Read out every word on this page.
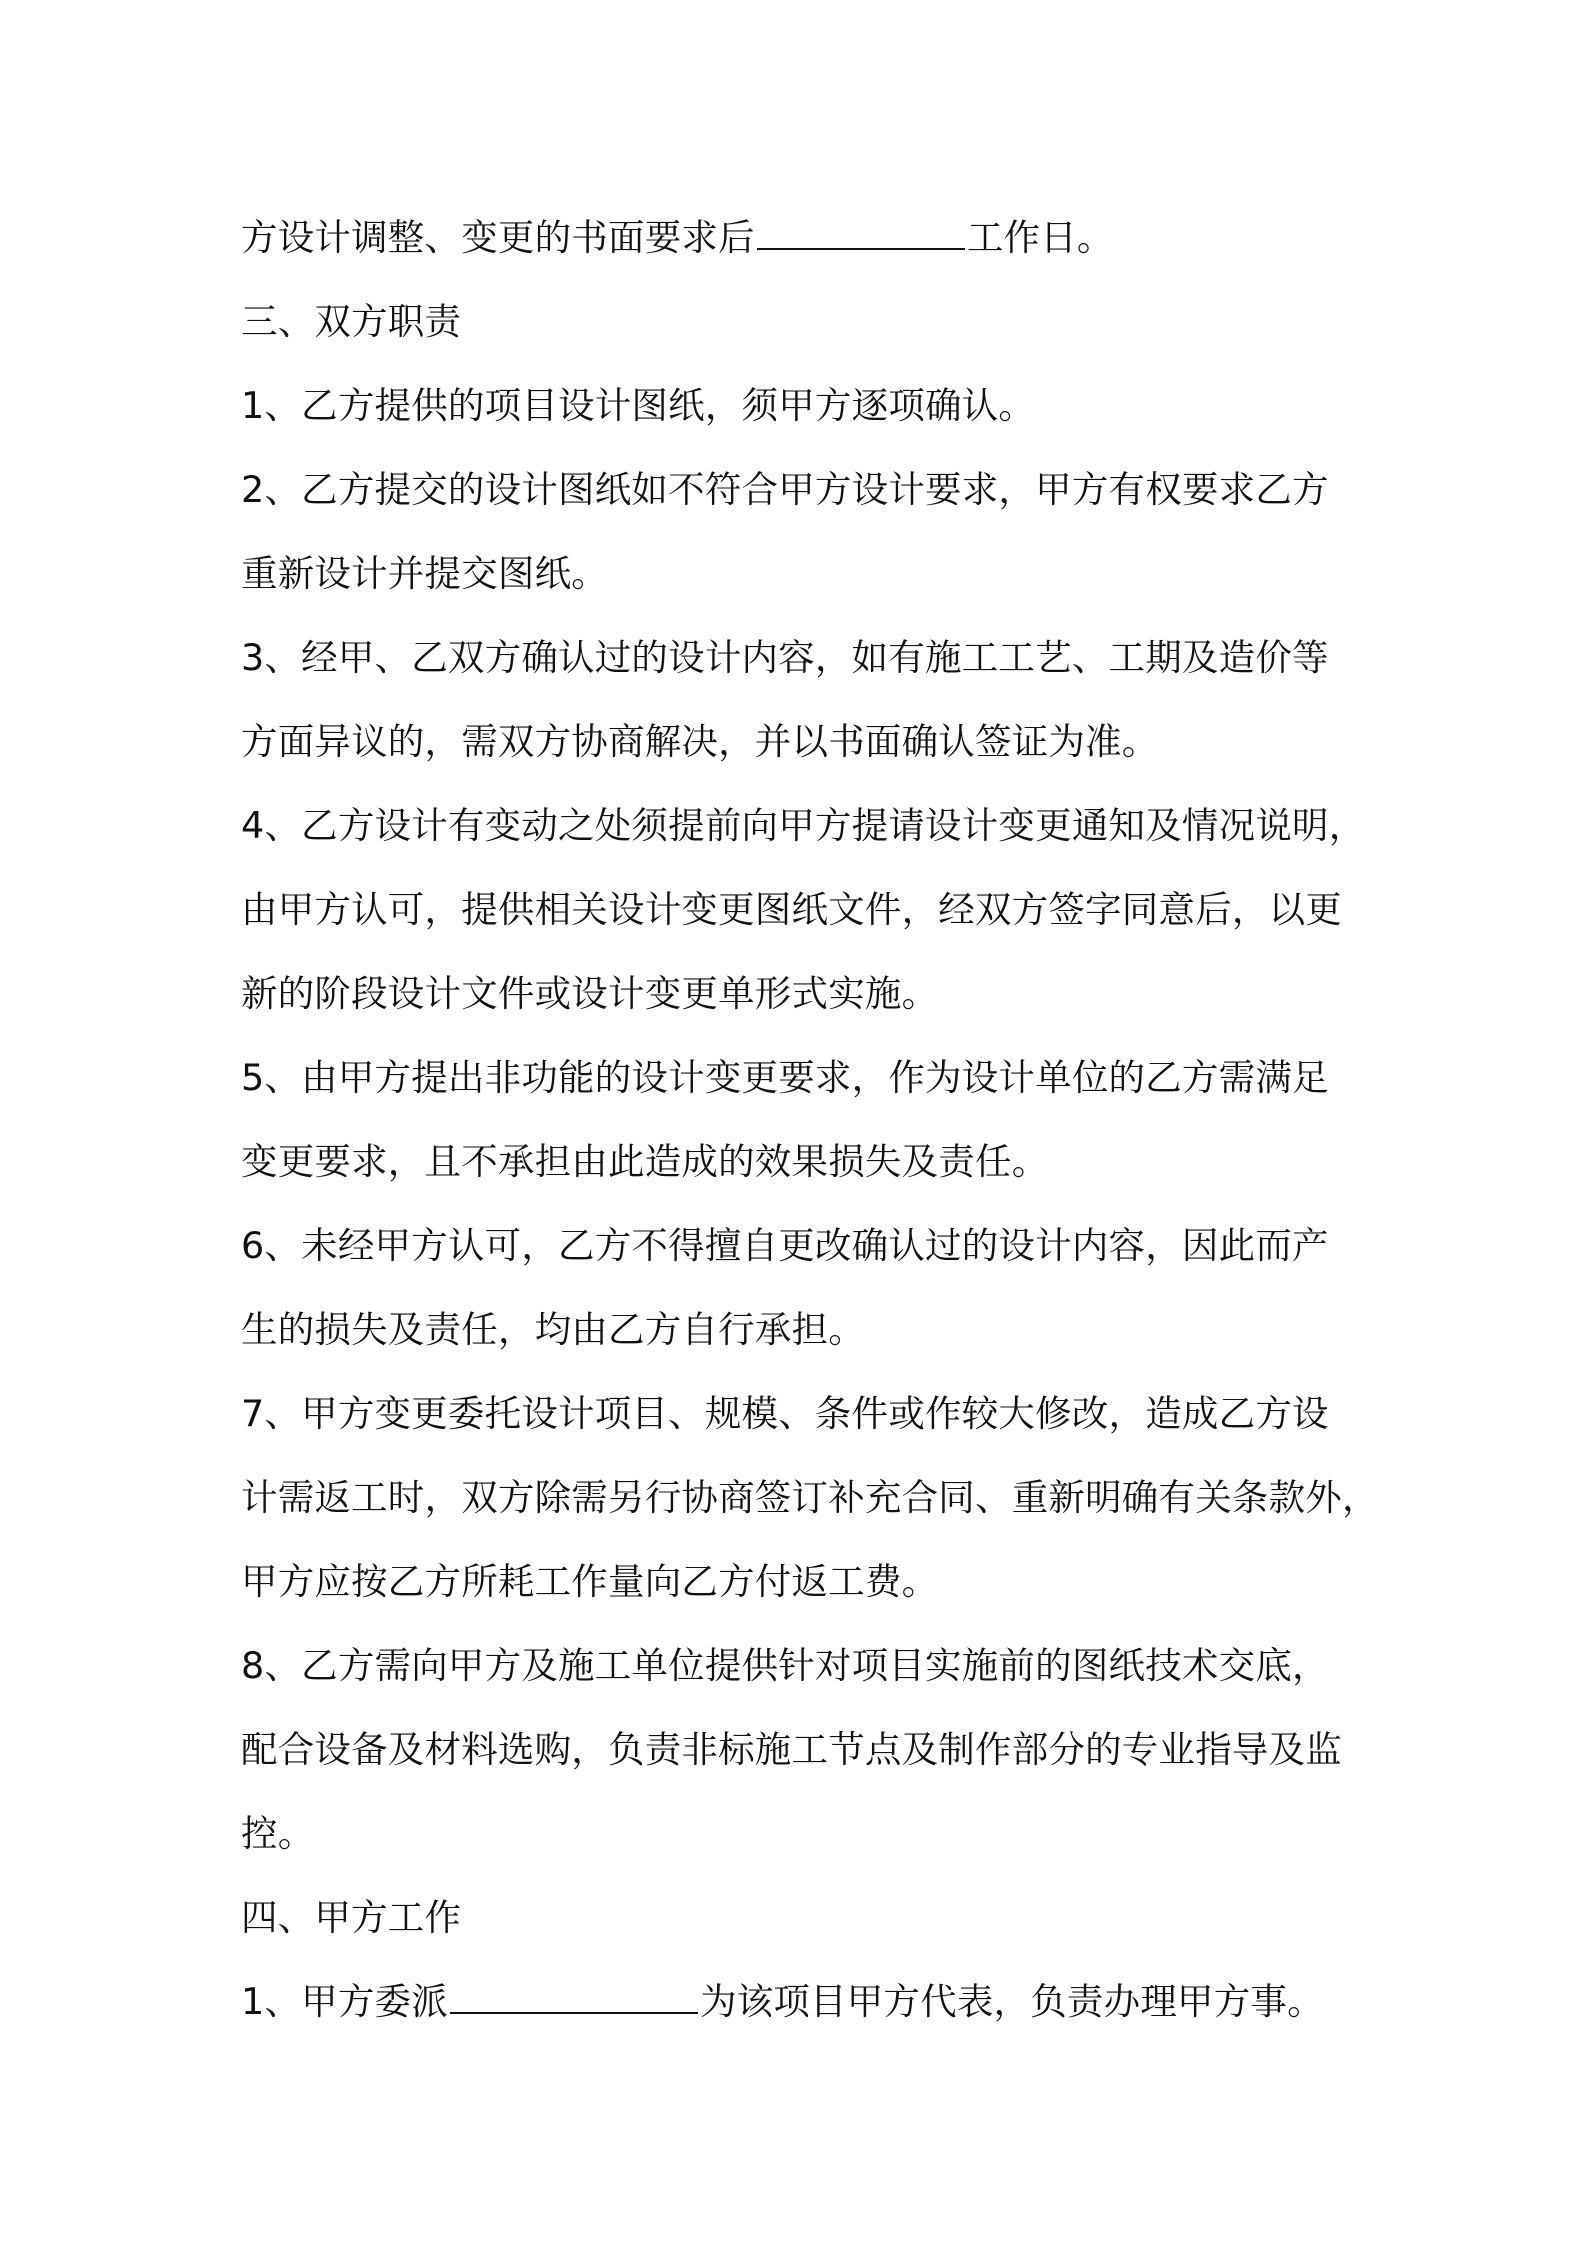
方设计调整、变更的书面要求后	工作日。
三、双方职责
1、乙方提供的项目设计图纸，须甲方逐项确认。
2、乙方提交的设计图纸如不符合甲方设计要求，甲方有权要求乙方
重新设计并提交图纸。
3、经甲、乙双方确认过的设计内容，如有施工工艺、工期及造价等
方面异议的，需双方协商解决，并以书面确认签证为准。
4、乙方设计有变动之处须提前向甲方提请设计变更通知及情况说明，
由甲方认可，提供相关设计变更图纸文件，经双方签字同意后，以更
新的阶段设计文件或设计变更单形式实施。
5、由甲方提出非功能的设计变更要求，作为设计单位的乙方需满足
变更要求，且不承担由此造成的效果损失及责任。
6、未经甲方认可，乙方不得擅自更改确认过的设计内容，因此而产
生的损失及责任，均由乙方自行承担。
7、甲方变更委托设计项目、规模、条件或作较大修改，造成乙方设
计需返工时，双方除需另行协商签订补充合同、重新明确有关条款外，
甲方应按乙方所耗工作量向乙方付返工费。
8、乙方需向甲方及施工单位提供针对项目实施前的图纸技术交底，
配合设备及材料选购，负责非标施工节点及制作部分的专业指导及监
控。
四、甲方工作
1、甲方委派	为该项目甲方代表，负责办理甲方事。
